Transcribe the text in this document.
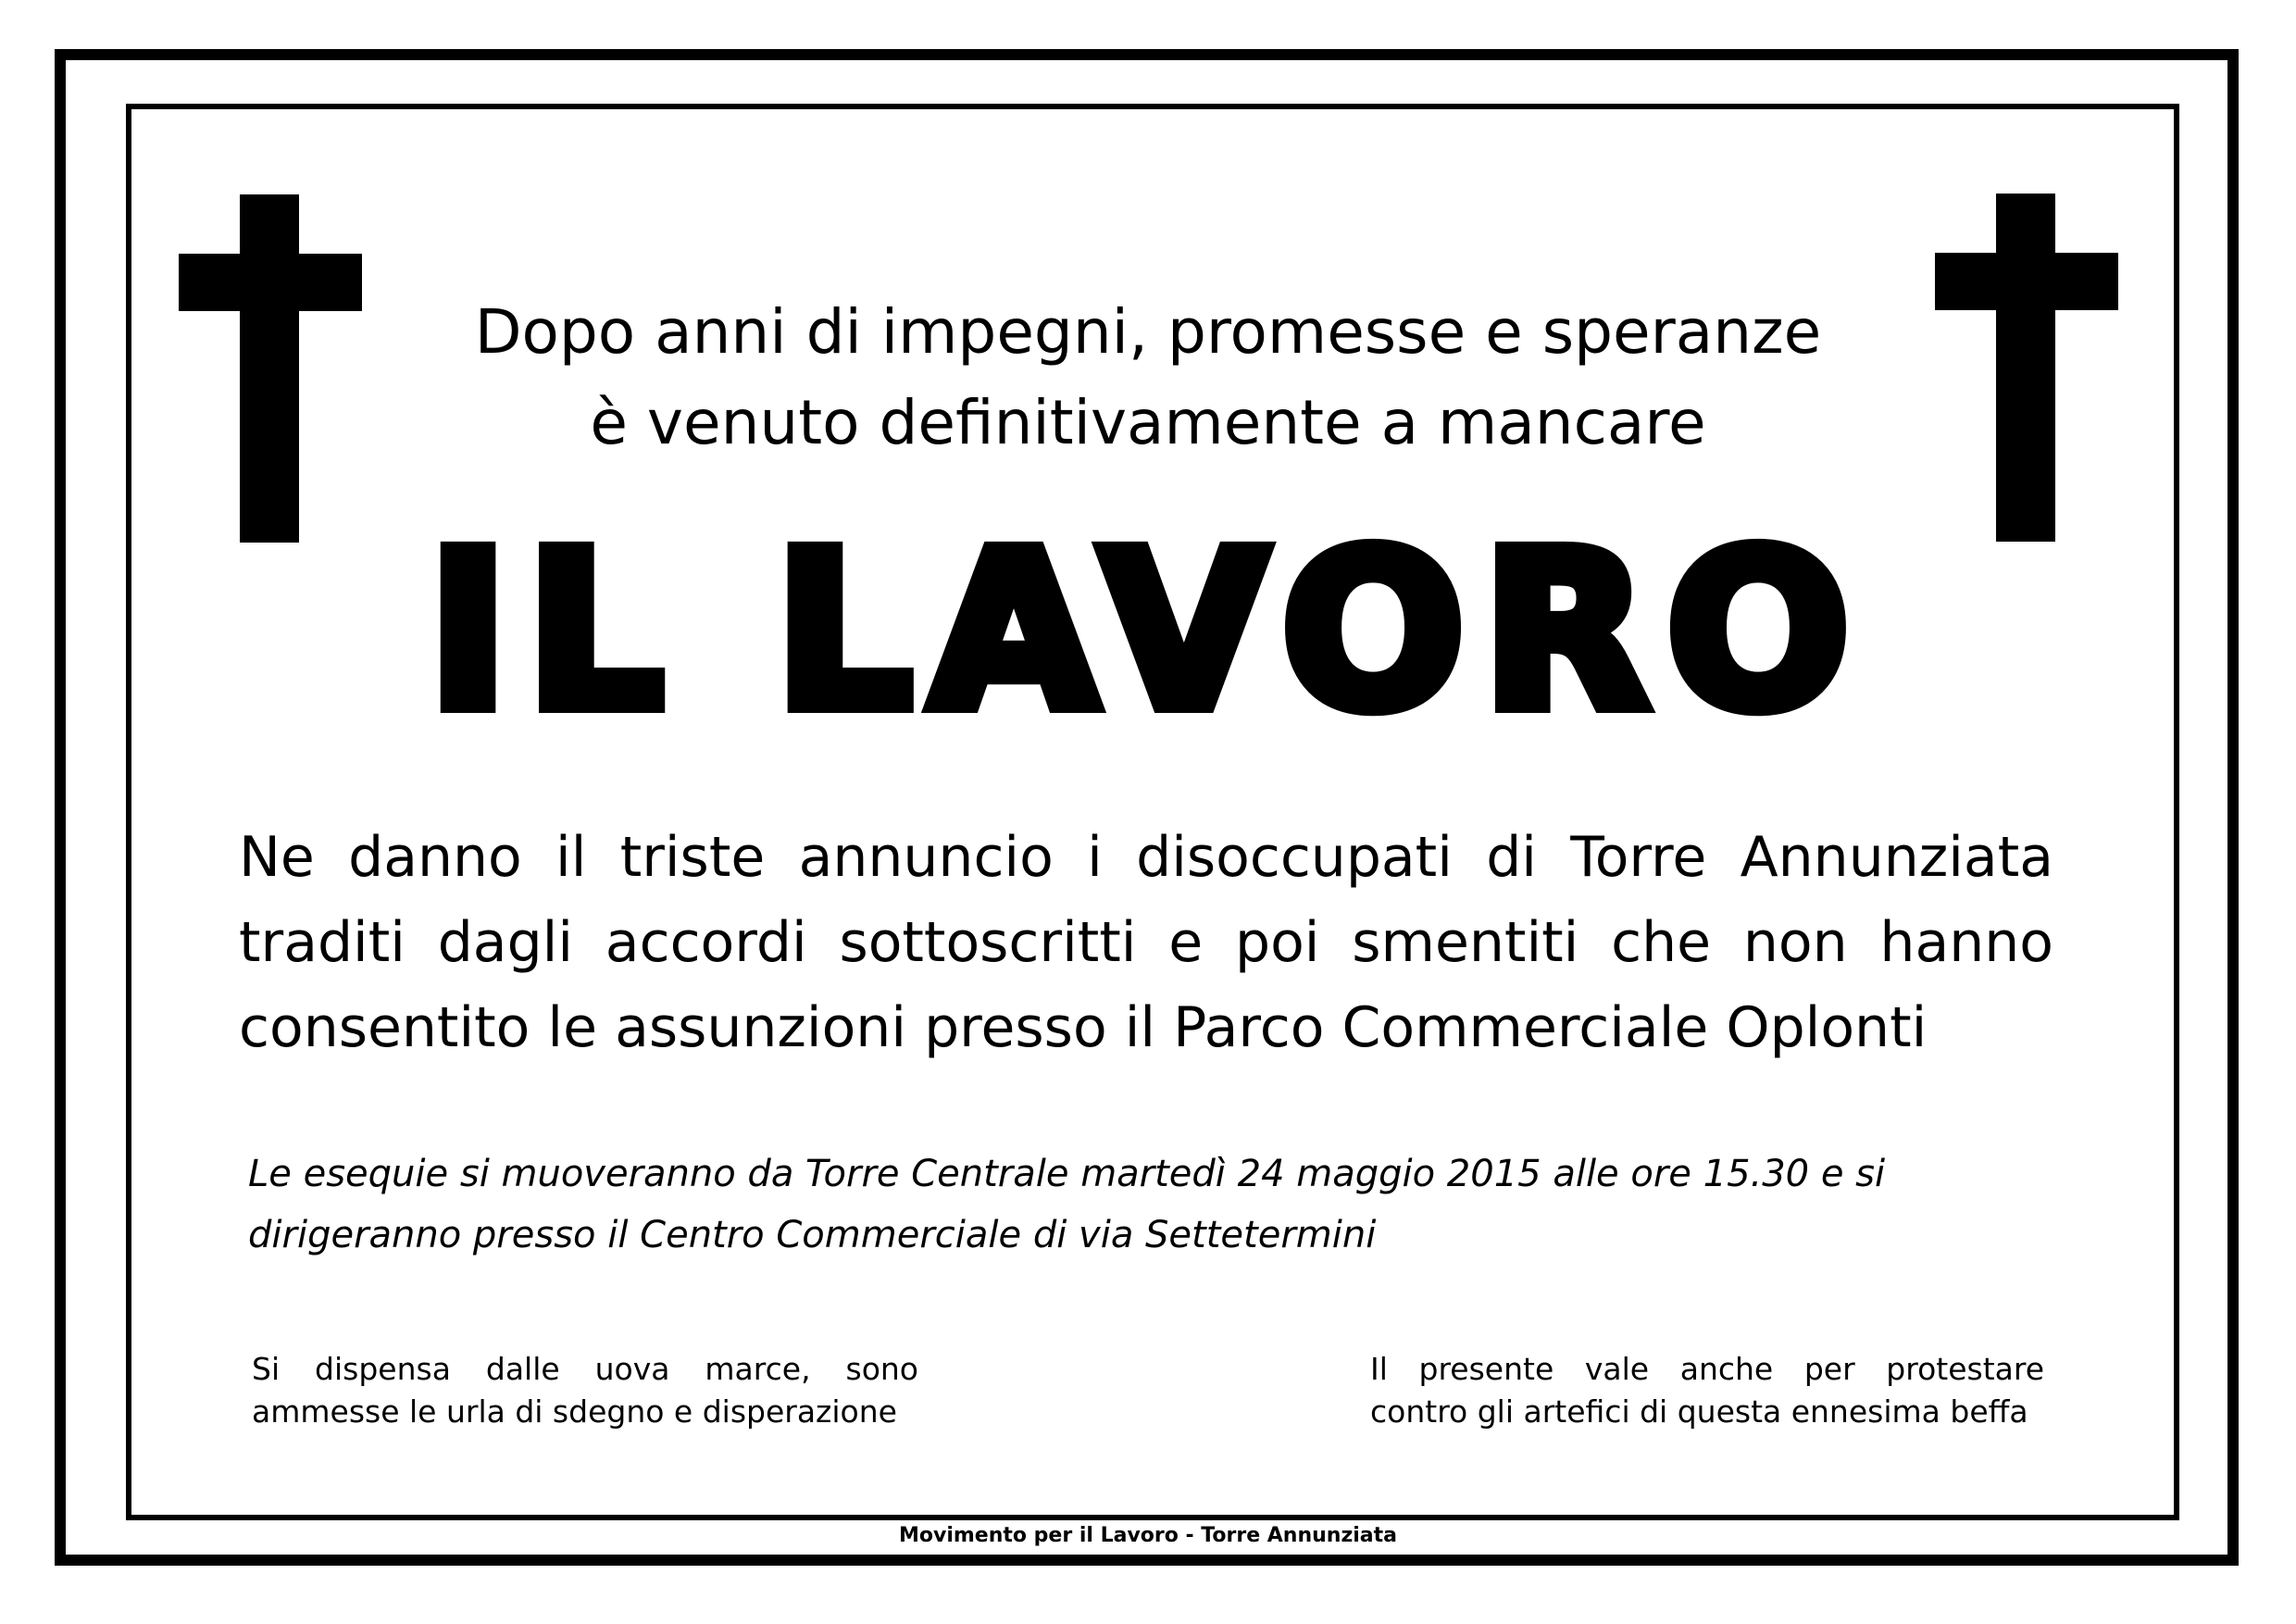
Dopo anni di impegni, promesse e speranze
è venuto definitivamente a mancare
IL LAVORO
Ne danno il triste annuncio i disoccupati di Torre Annunziata
traditi dagli accordi sottoscritti e poi smentiti che non hanno
consentito le assunzioni presso il Parco Commerciale Oplonti
Le esequie si muoveranno da Torre Centrale martedì 24 maggio 2015 alle ore 15.30 e si
dirigeranno presso il Centro Commerciale di via Settetermini
Si dispensa dalle uova marce, sono
ammesse le urla di sdegno e disperazione
Il presente vale anche per protestare
contro gli artefici di questa ennesima beffa
Movimento per il Lavoro - Torre Annunziata
